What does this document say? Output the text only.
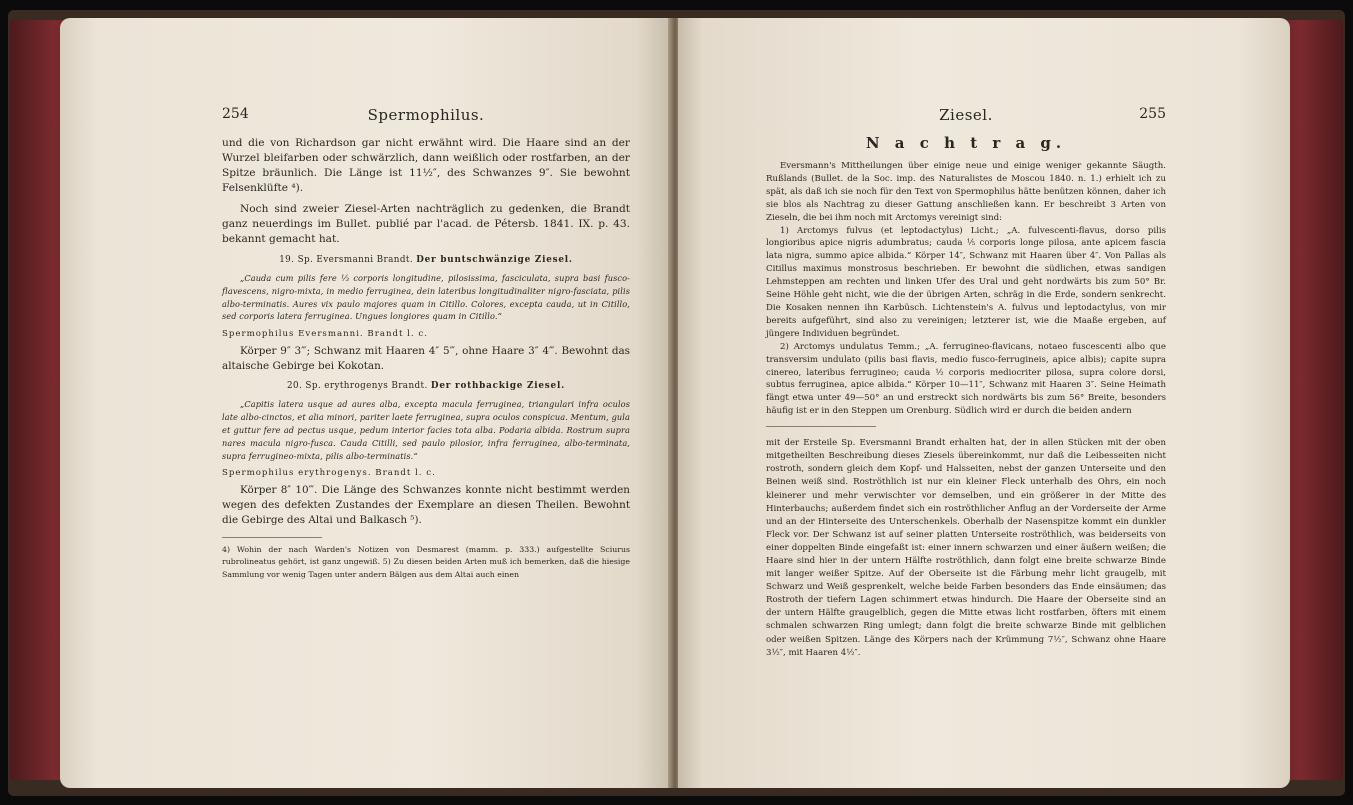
254	Spermophilus.

und die von Richardson gar nicht erwähnt wird. Die Haare sind an der Wurzel bleifarben oder schwärzlich, dann weißlich oder rostfarben, an der Spitze bräunlich. Die Länge ist 11½″, des Schwanzes 9″. Sie bewohnt Felsenklüfte ⁴).

Noch sind zweier Ziesel-Arten nachträglich zu gedenken, die Brandt ganz neuerdings im Bullet. publié par l'acad. de Pétersb. 1841. IX. p. 43. bekannt gemacht hat.

19. Sp. Eversmanni Brandt. Der buntschwänzige Ziesel.

„Cauda cum pilis fere ⅓ corporis longitudine, pilosissima, fasciculata, supra basi fusco-flavescens, nigro-mixta, in medio ferruginea, dein lateribus longitudinaliter nigro-fasciata, pilis albo-terminatis. Aures vix paulo majores quam in Citillo. Colores, excepta cauda, ut in Citillo, sed corporis latera ferruginea. Ungues longiores quam in Citillo.“

Spermophilus Eversmanni. Brandt l. c.

Körper 9″ 3‴; Schwanz mit Haaren 4″ 5‴, ohne Haare 3″ 4‴. Bewohnt das altaische Gebirge bei Kokotan.

20. Sp. erythrogenys Brandt. Der rothbackige Ziesel.

„Capitis latera usque ad aures alba, excepta macula ferruginea, triangulari infra oculos late albo-cinctos, et alia minori, pariter laete ferruginea, supra oculos conspicua. Mentum, gula et guttur fere ad pectus usque, pedum interior facies tota alba. Podaria albida. Rostrum supra nares macula nigro-fusca. Cauda Citilli, sed paulo pilosior, infra ferruginea, albo-terminata, supra ferrugineo-mixta, pilis albo-terminatis.“

Spermophilus erythrogenys. Brandt l. c.

Körper 8″ 10‴. Die Länge des Schwanzes konnte nicht bestimmt werden wegen des defekten Zustandes der Exemplare an diesen Theilen. Bewohnt die Gebirge des Altai und Balkasch ⁵).

4) Wohin der nach Warden's Notizen von Desmarest (mamm. p. 333.) aufgestellte Sciurus rubrolineatus gehört, ist ganz ungewiß. 5) Zu diesen beiden Arten muß ich bemerken, daß die hiesige Sammlung vor wenig Tagen unter andern Bälgen aus dem Altai auch einen

Ziesel.	255
N a c h t r a g.

Eversmann's Mittheilungen über einige neue und einige weniger gekannte Säugth. Rußlands (Bullet. de la Soc. imp. des Naturalistes de Moscou 1840. n. 1.) erhielt ich zu spät, als daß ich sie noch für den Text von Spermophilus hätte benützen können, daher ich sie blos als Nachtrag zu dieser Gattung anschließen kann. Er beschreibt 3 Arten von Zieseln, die bei ihm noch mit Arctomys vereinigt sind:

1) Arctomys fulvus (et leptodactylus) Licht.; „A. fulvescenti-flavus, dorso pilis longioribus apice nigris adumbratus; cauda ⅕ corporis longe pilosa, ante apicem fascia lata nigra, summo apice albida.“ Körper 14″, Schwanz mit Haaren über 4″. Von Pallas als Citillus maximus monstrosus beschrieben. Er bewohnt die südlichen, etwas sandigen Lehmsteppen am rechten und linken Ufer des Ural und geht nordwärts bis zum 50° Br. Seine Höhle geht nicht, wie die der übrigen Arten, schräg in die Erde, sondern senkrecht. Die Kosaken nennen ihn Karbüsch. Lichtenstein's A. fulvus und leptodactylus, von mir bereits aufgeführt, sind also zu vereinigen; letzterer ist, wie die Maaße ergeben, auf jüngere Individuen begründet.

2) Arctomys undulatus Temm.; „A. ferrugineo-flavicans, notaeo fuscescenti albo que transversim undulato (pilis basi flavis, medio fusco-ferrugineis, apice albis); capite supra cinereo, lateribus ferrugineo; cauda ½ corporis mediocriter pilosa, supra colore dorsi, subtus ferruginea, apice albida.“ Körper 10—11″, Schwanz mit Haaren 3″. Seine Heimath fängt etwa unter 49—50° an und erstreckt sich nordwärts bis zum 56° Breite, besonders häufig ist er in den Steppen um Orenburg. Südlich wird er durch die beiden andern

mit der Ersteile Sp. Eversmanni Brandt erhalten hat, der in allen Stücken mit der oben mitgetheilten Beschreibung dieses Ziesels übereinkommt, nur daß die Leibesseiten nicht rostroth, sondern gleich dem Kopf- und Halsseiten, nebst der ganzen Unterseite und den Beinen weiß sind. Roströthlich ist nur ein kleiner Fleck unterhalb des Ohrs, ein noch kleinerer und mehr verwischter vor demselben, und ein größerer in der Mitte des Hinterbauchs; außerdem findet sich ein roströthlicher Anflug an der Vorderseite der Arme und an der Hinterseite des Unterschenkels. Oberhalb der Nasenspitze kommt ein dunkler Fleck vor. Der Schwanz ist auf seiner platten Unterseite roströthlich, was beiderseits von einer doppelten Binde eingefaßt ist: einer innern schwarzen und einer äußern weißen; die Haare sind hier in der untern Hälfte roströthlich, dann folgt eine breite schwarze Binde mit langer weißer Spitze. Auf der Oberseite ist die Färbung mehr licht graugelb, mit Schwarz und Weiß gesprenkelt, welche beide Farben besonders das Ende einsäumen; das Rostroth der tiefern Lagen schimmert etwas hindurch. Die Haare der Oberseite sind an der untern Hälfte graugelblich, gegen die Mitte etwas licht rostfarben, öfters mit einem schmalen schwarzen Ring umlegt; dann folgt die breite schwarze Binde mit gelblichen oder weißen Spitzen. Länge des Körpers nach der Krümmung 7½″, Schwanz ohne Haare 3½″, mit Haaren 4½″.
